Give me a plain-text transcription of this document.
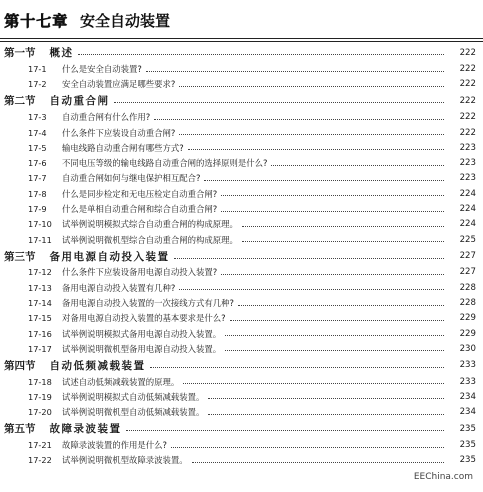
第十七章 安全自动装置
第一节	概述	222
17-1	什么是安全自动装置?	222
17-2	安全自动装置应满足哪些要求?	222
第二节	自动重合闸	222
17-3	自动重合闸有什么作用?	222
17-4	什么条件下应装设自动重合闸?	222
17-5	输电线路自动重合闸有哪些方式?	223
17-6	不同电压等级的输电线路自动重合闸的选择原则是什么?	223
17-7	自动重合闸如何与继电保护相互配合?	223
17-8	什么是同步检定和无电压检定自动重合闸?	224
17-9	什么是单相自动重合闸和综合自动重合闸?	224
17-10	试举例说明模拟式综合自动重合闸的构成原理。	224
17-11	试举例说明微机型综合自动重合闸的构成原理。	225
第三节	备用电源自动投入装置	227
17-12	什么条件下应装设备用电源自动投入装置?	227
17-13	备用电源自动投入装置有几种?	228
17-14	备用电源自动投入装置的一次接线方式有几种?	228
17-15	对备用电源自动投入装置的基本要求是什么?	229
17-16	试举例说明模拟式备用电源自动投入装置。	229
17-17	试举例说明微机型备用电源自动投入装置。	230
第四节	自动低频减载装置	233
17-18	试述自动低频减载装置的原理。	233
17-19	试举例说明模拟式自动低频减载装置。	234
17-20	试举例说明微机型自动低频减载装置。	234
第五节	故障录波装置	235
17-21	故障录波装置的作用是什么?	235
17-22	试举例说明微机型故障录波装置。	235
EEChina.com
